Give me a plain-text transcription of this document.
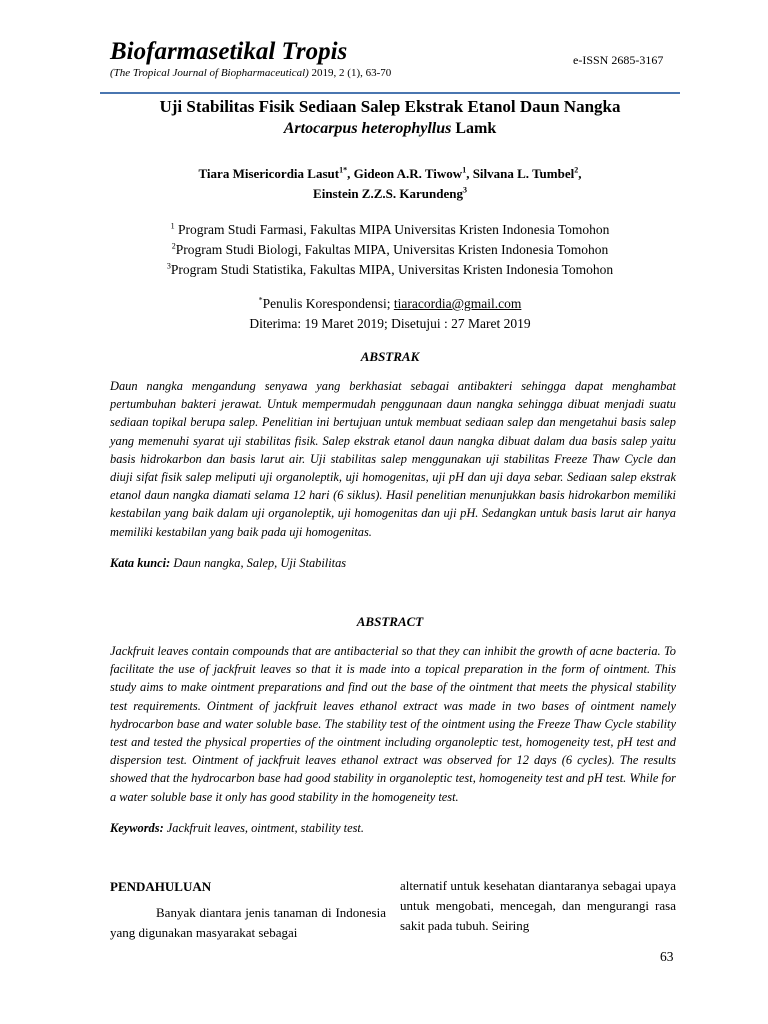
Biofarmasetikal Tropis	e-ISSN 2685-3167
(The Tropical Journal of Biopharmaceutical) 2019, 2 (1), 63-70
Uji Stabilitas Fisik Sediaan Salep Ekstrak Etanol Daun Nangka
Artocarpus heterophyllus Lamk
Tiara Misericordia Lasut$^{1*}$, Gideon A.R. Tiwow$^1$, Silvana L. Tumbel$^2$,
Einstein Z.Z.S. Karundeng$^3$
$^1$ Program Studi Farmasi, Fakultas MIPA Universitas Kristen Indonesia Tomohon
$^2$Program Studi Biologi, Fakultas MIPA, Universitas Kristen Indonesia Tomohon
$^3$Program Studi Statistika, Fakultas MIPA, Universitas Kristen Indonesia Tomohon
*Penulis Korespondensi; tiaracordia@gmail.com
Diterima: 19 Maret 2019; Disetujui : 27 Maret 2019
ABSTRAK
Daun nangka mengandung senyawa yang berkhasiat sebagai antibakteri sehingga dapat menghambat pertumbuhan bakteri jerawat. Untuk mempermudah penggunaan daun nangka sehingga dibuat menjadi suatu sediaan topikal berupa salep. Penelitian ini bertujuan untuk membuat sediaan salep dan mengetahui basis salep yang memenuhi syarat uji stabilitas fisik. Salep ekstrak etanol daun nangka dibuat dalam dua basis salep yaitu basis hidrokarbon dan basis larut air. Uji stabilitas salep menggunakan uji stabilitas Freeze Thaw Cycle dan diuji sifat fisik salep meliputi uji organoleptik, uji homogenitas, uji pH dan uji daya sebar. Sediaan salep ekstrak etanol daun nangka diamati selama 12 hari (6 siklus). Hasil penelitian menunjukkan basis hidrokarbon memiliki kestabilan yang baik dalam uji organoleptik, uji homogenitas dan uji pH. Sedangkan untuk basis larut air hanya memiliki kestabilan yang baik pada uji homogenitas.
Kata kunci: Daun nangka, Salep, Uji Stabilitas
ABSTRACT
Jackfruit leaves contain compounds that are antibacterial so that they can inhibit the growth of acne bacteria. To facilitate the use of jackfruit leaves so that it is made into a topical preparation in the form of ointment. This study aims to make ointment preparations and find out the base of the ointment that meets the physical stability test requirements. Ointment of jackfruit leaves ethanol extract was made in two bases of ointment namely hydrocarbon base and water soluble base. The stability test of the ointment using the Freeze Thaw Cycle stability test and tested the physical properties of the ointment including organoleptic test, homogeneity test, pH test and dispersion test. Ointment of jackfruit leaves ethanol extract was observed for 12 days (6 cycles). The results showed that the hydrocarbon base had good stability in organoleptic test, homogeneity test and pH test. While for a water soluble base it only has good stability in the homogeneity test.
Keywords: Jackfruit leaves, ointment, stability test.
PENDAHULUAN
Banyak diantara jenis tanaman di Indonesia yang digunakan masyarakat sebagai
alternatif untuk kesehatan diantaranya sebagai upaya untuk mengobati, mencegah, dan mengurangi rasa sakit pada tubuh. Seiring
63
